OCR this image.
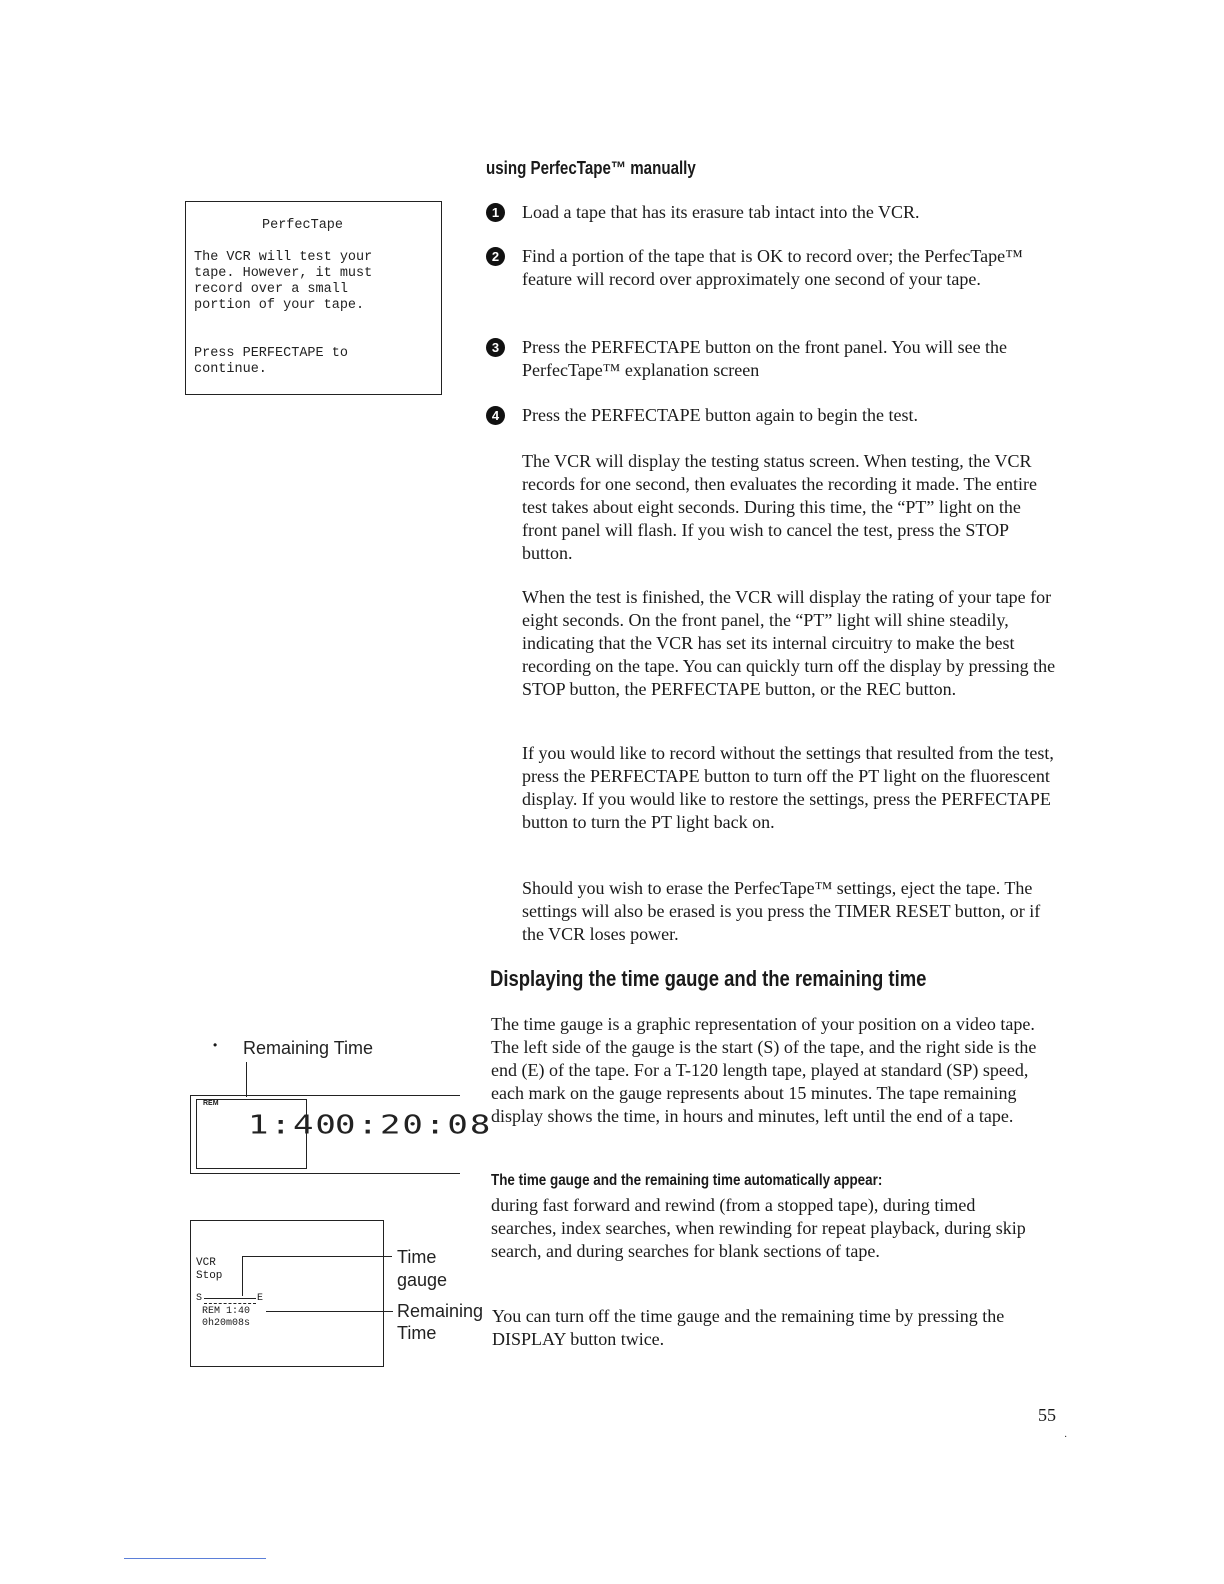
using PerfecTape™ manually
PerfecTape
The VCR will test your
tape. However, it must
record over a small
portion of your tape.
Press PERFECTAPE to
continue.
1	Load a tape that has its erasure tab intact into the VCR.
2	Find a portion of the tape that is OK to record over; the PerfecTape™ feature will record over approximately one second of your tape.
3	Press the PERFECTAPE button on the front panel. You will see the PerfecTape™ explanation screen
4	Press the PERFECTAPE button again to begin the test.
The VCR will display the testing status screen. When testing, the VCR records for one second, then evaluates the recording it made. The entire test takes about eight seconds. During this time, the “PT” light on the front panel will flash. If you wish to cancel the test, press the STOP button.
When the test is finished, the VCR will display the rating of your tape for eight seconds. On the front panel, the “PT” light will shine steadily, indicating that the VCR has set its internal circuitry to make the best recording on the tape. You can quickly turn off the display by pressing the STOP button, the PERFECTAPE button, or the REC button.
If you would like to record without the settings that resulted from the test, press the PERFECTAPE button to turn off the PT light on the fluorescent display. If you would like to restore the settings, press the PERFECTAPE button to turn the PT light back on.
Should you wish to erase the PerfecTape™ settings, eject the tape. The settings will also be erased is you press the TIMER RESET button, or if the VCR loses power.
Displaying the time gauge and the remaining time
The time gauge is a graphic representation of your position on a video tape. The left side of the gauge is the start (S) of the tape, and the right side is the end (E) of the tape. For a T-120 length tape, played at standard (SP) speed, each mark on the gauge represents about 15 minutes. The tape remaining display shows the time, in hours and minutes, left until the end of a tape.
The time gauge and the remaining time automatically appear:
during fast forward and rewind (from a stopped tape), during timed searches, index searches, when rewinding for repeat playback, during skip search, and during searches for blank sections of tape.
You can turn off the time gauge and the remaining time by pressing the DISPLAY button twice.
• Remaining Time
REM
1:40
0:20:08
VCR
Stop
S	E
REM 1:40
0h20m08s
Time
gauge
Remaining
Time
55
·
